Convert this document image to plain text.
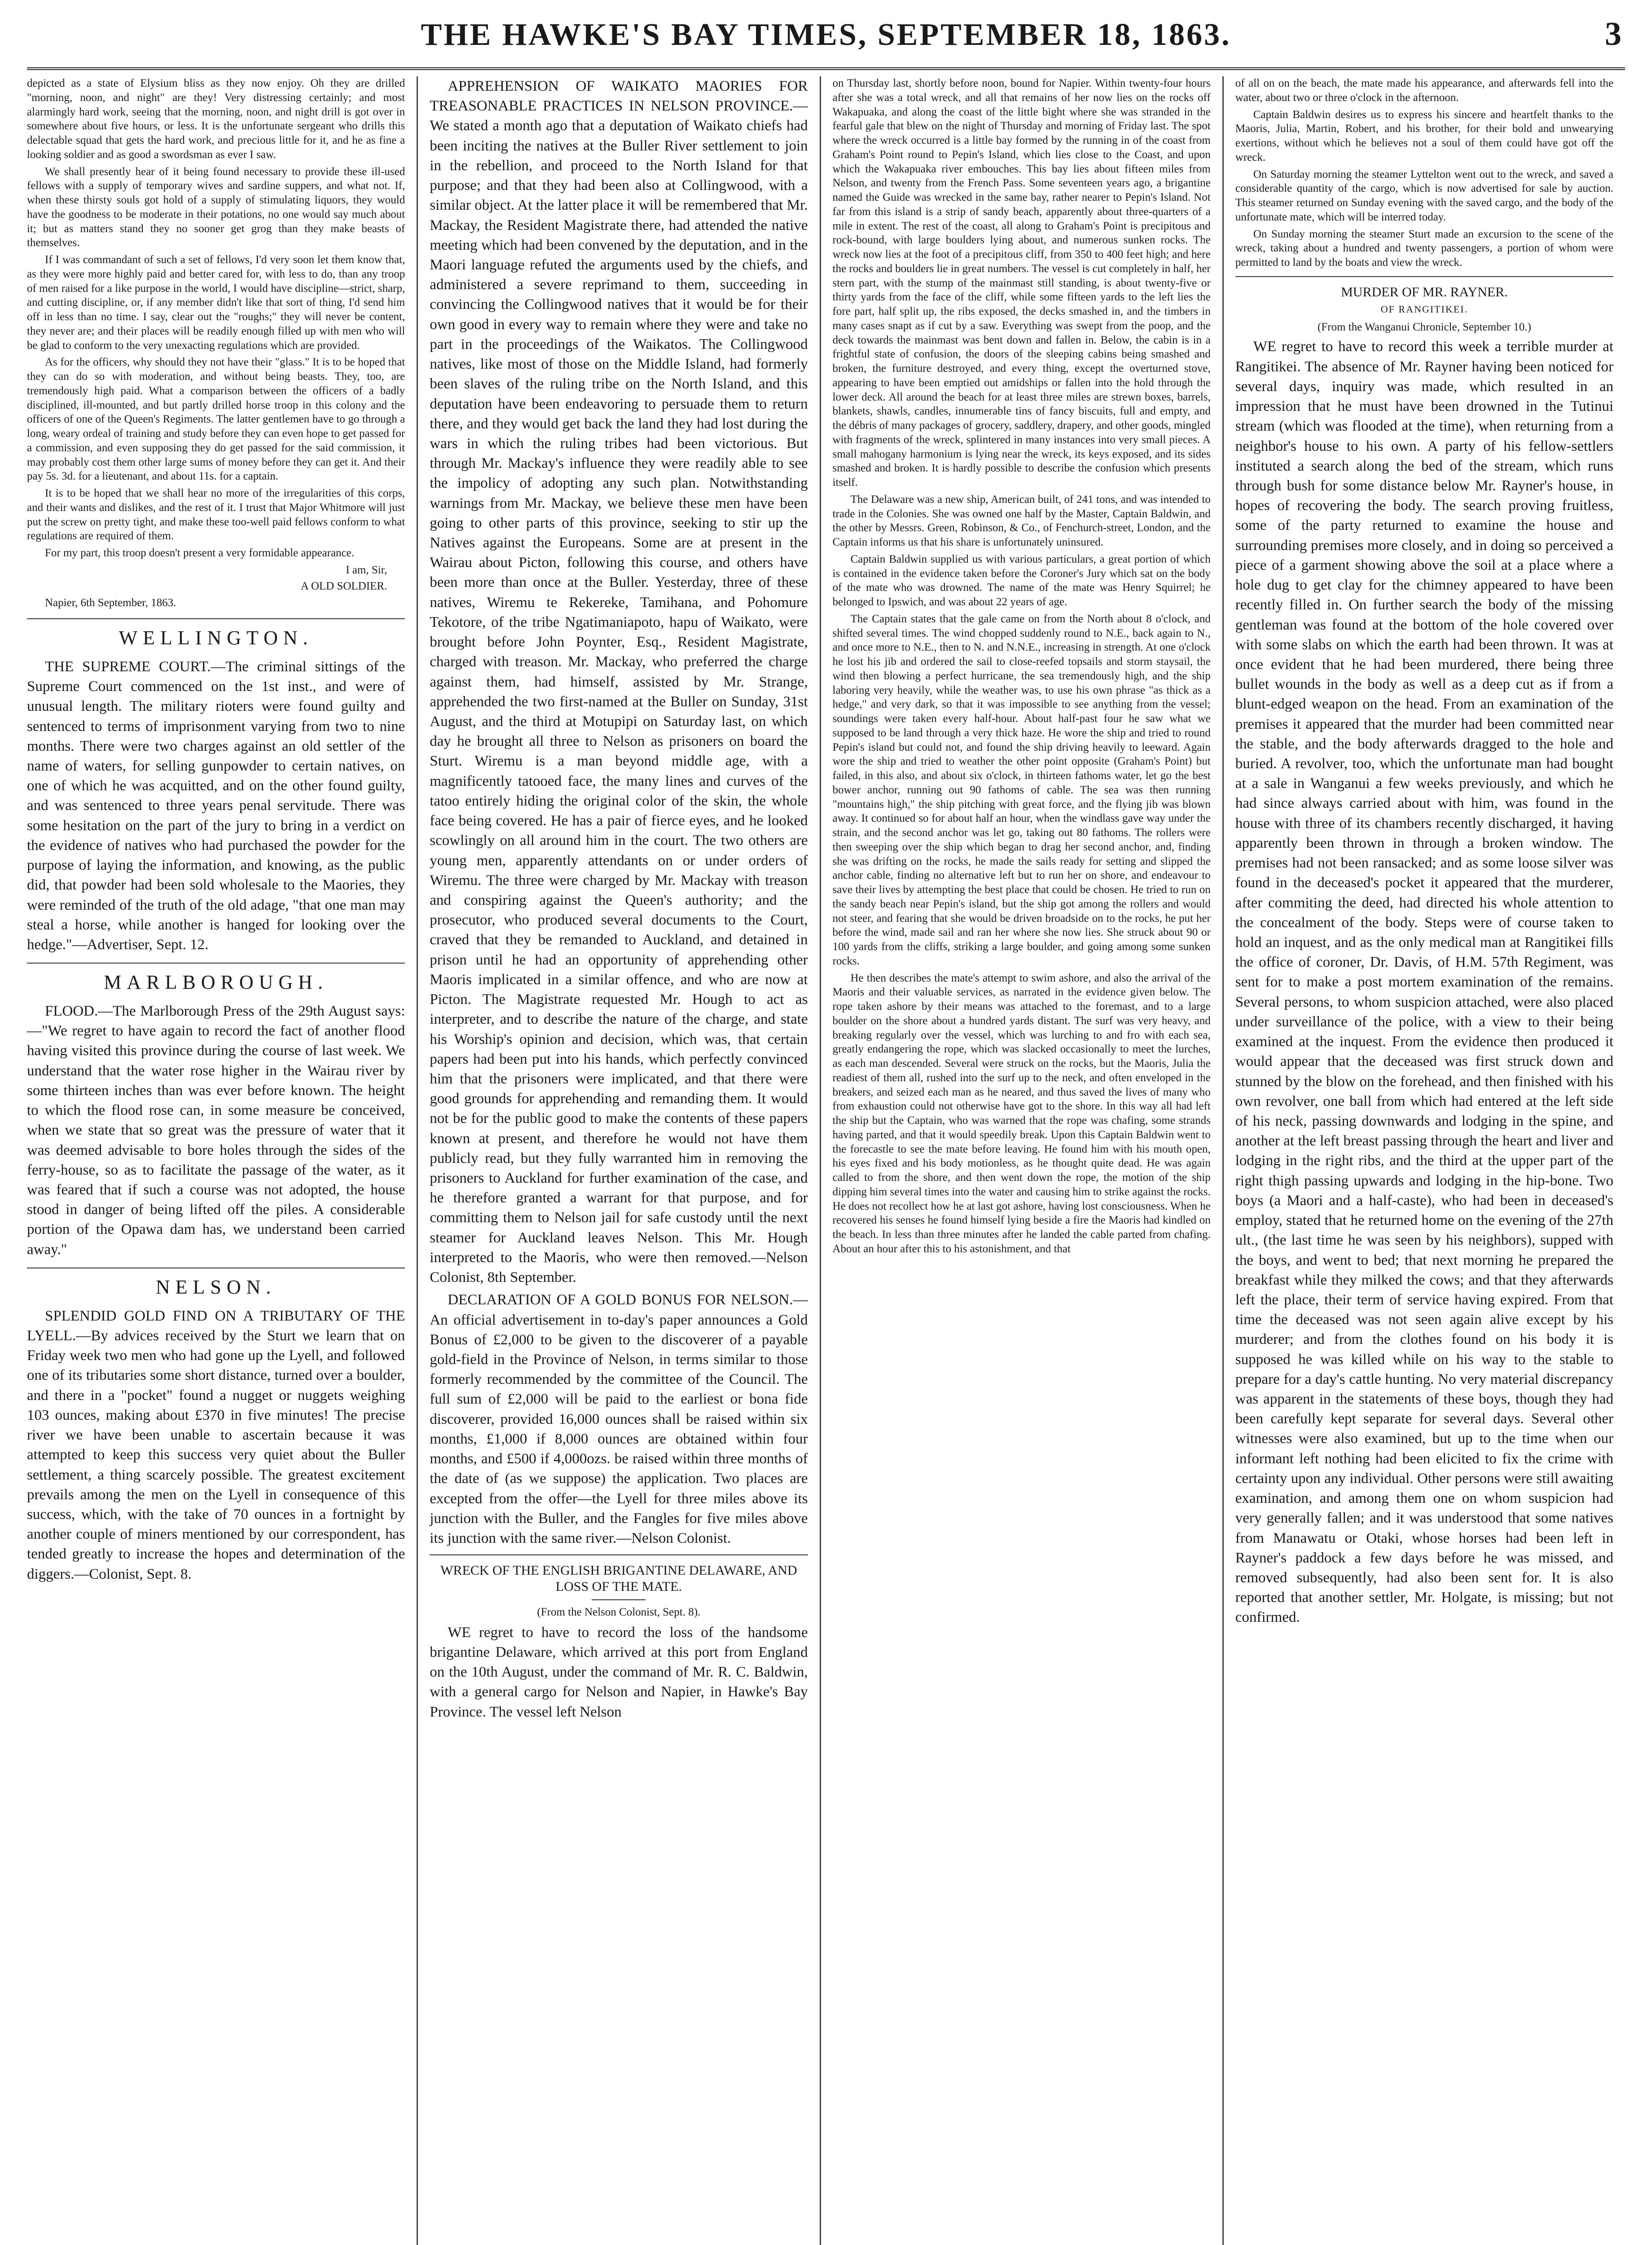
THE HAWKE'S BAY TIMES, SEPTEMBER 18, 1863.	3

depicted as a state of Elysium bliss as they now enjoy. Oh they are drilled "morning, noon, and night" are they! Very distressing certainly; and most alarmingly hard work, seeing that the morning, noon, and night drill is got over in somewhere about five hours, or less. It is the unfortunate sergeant who drills this delectable squad that gets the hard work, and precious little for it, and he as fine a looking soldier and as good a swordsman as ever I saw.

We shall presently hear of it being found necessary to provide these ill-used fellows with a supply of temporary wives and sardine suppers, and what not. If, when these thirsty souls got hold of a supply of stimulating liquors, they would have the goodness to be moderate in their potations, no one would say much about it; but as matters stand they no sooner get grog than they make beasts of themselves.

If I was commandant of such a set of fellows, I'd very soon let them know that, as they were more highly paid and better cared for, with less to do, than any troop of men raised for a like purpose in the world, I would have discipline—strict, sharp, and cutting discipline, or, if any member didn't like that sort of thing, I'd send him off in less than no time. I say, clear out the "roughs;" they will never be content, they never are; and their places will be readily enough filled up with men who will be glad to conform to the very unexacting regulations which are provided.

As for the officers, why should they not have their "glass." It is to be hoped that they can do so with moderation, and without being beasts. They, too, are tremendously high paid. What a comparison between the officers of a badly disciplined, ill-mounted, and but partly drilled horse troop in this colony and the officers of one of the Queen's Regiments. The latter gentlemen have to go through a long, weary ordeal of training and study before they can even hope to get passed for a commission, and even supposing they do get passed for the said commission, it may probably cost them other large sums of money before they can get it. And their pay 5s. 3d. for a lieutenant, and about 11s. for a captain.

It is to be hoped that we shall hear no more of the irregularities of this corps, and their wants and dislikes, and the rest of it. I trust that Major Whitmore will just put the screw on pretty tight, and make these too-well paid fellows conform to what regulations are required of them.

For my part, this troop doesn't present a very formidable appearance.

I am, Sir,
A OLD SOLDIER.
Napier, 6th September, 1863.
WELLINGTON.

THE SUPREME COURT.—The criminal sittings of the Supreme Court commenced on the 1st inst., and were of unusual length. The military rioters were found guilty and sentenced to terms of imprisonment varying from two to nine months. There were two charges against an old settler of the name of waters, for selling gunpowder to certain natives, on one of which he was acquitted, and on the other found guilty, and was sentenced to three years penal servitude. There was some hesitation on the part of the jury to bring in a verdict on the evidence of natives who had purchased the powder for the purpose of laying the information, and knowing, as the public did, that powder had been sold wholesale to the Maories, they were reminded of the truth of the old adage, "that one man may steal a horse, while another is hanged for looking over the hedge."—Advertiser, Sept. 12.

MARLBOROUGH.

FLOOD.—The Marlborough Press of the 29th August says:—"We regret to have again to record the fact of another flood having visited this province during the course of last week. We understand that the water rose higher in the Wairau river by some thirteen inches than was ever before known. The height to which the flood rose can, in some measure be conceived, when we state that so great was the pressure of water that it was deemed advisable to bore holes through the sides of the ferry-house, so as to facilitate the passage of the water, as it was feared that if such a course was not adopted, the house stood in danger of being lifted off the piles. A considerable portion of the Opawa dam has, we understand been carried away."

NELSON.

SPLENDID GOLD FIND ON A TRIBUTARY OF THE LYELL.—By advices received by the Sturt we learn that on Friday week two men who had gone up the Lyell, and followed one of its tributaries some short distance, turned over a boulder, and there in a "pocket" found a nugget or nuggets weighing 103 ounces, making about £370 in five minutes! The precise river we have been unable to ascertain because it was attempted to keep this success very quiet about the Buller settlement, a thing scarcely possible. The greatest excitement prevails among the men on the Lyell in consequence of this success, which, with the take of 70 ounces in a fortnight by another couple of miners mentioned by our correspondent, has tended greatly to increase the hopes and determination of the diggers.—Colonist, Sept. 8.

APPREHENSION OF WAIKATO MAORIES FOR TREASONABLE PRACTICES IN NELSON PROVINCE.—We stated a month ago that a deputation of Waikato chiefs had been inciting the natives at the Buller River settlement to join in the rebellion, and proceed to the North Island for that purpose; and that they had been also at Collingwood, with a similar object. At the latter place it will be remembered that Mr. Mackay, the Resident Magistrate there, had attended the native meeting which had been convened by the deputation, and in the Maori language refuted the arguments used by the chiefs, and administered a severe reprimand to them, succeeding in convincing the Collingwood natives that it would be for their own good in every way to remain where they were and take no part in the proceedings of the Waikatos. The Collingwood natives, like most of those on the Middle Island, had formerly been slaves of the ruling tribe on the North Island, and this deputation have been endeavoring to persuade them to return there, and they would get back the land they had lost during the wars in which the ruling tribes had been victorious. But through Mr. Mackay's influence they were readily able to see the impolicy of adopting any such plan. Notwithstanding warnings from Mr. Mackay, we believe these men have been going to other parts of this province, seeking to stir up the Natives against the Europeans. Some are at present in the Wairau about Picton, following this course, and others have been more than once at the Buller. Yesterday, three of these natives, Wiremu te Rekereke, Tamihana, and Pohomure Tekotore, of the tribe Ngatimaniapoto, hapu of Waikato, were brought before John Poynter, Esq., Resident Magistrate, charged with treason. Mr. Mackay, who preferred the charge against them, had himself, assisted by Mr. Strange, apprehended the two first-named at the Buller on Sunday, 31st August, and the third at Motupipi on Saturday last, on which day he brought all three to Nelson as prisoners on board the Sturt. Wiremu is a man beyond middle age, with a magnificently tatooed face, the many lines and curves of the tatoo entirely hiding the original color of the skin, the whole face being covered. He has a pair of fierce eyes, and he looked scowlingly on all around him in the court. The two others are young men, apparently attendants on or under orders of Wiremu. The three were charged by Mr. Mackay with treason and conspiring against the Queen's authority; and the prosecutor, who produced several documents to the Court, craved that they be remanded to Auckland, and detained in prison until he had an opportunity of apprehending other Maoris implicated in a similar offence, and who are now at Picton. The Magistrate requested Mr. Hough to act as interpreter, and to describe the nature of the charge, and state his Worship's opinion and decision, which was, that certain papers had been put into his hands, which perfectly convinced him that the prisoners were implicated, and that there were good grounds for apprehending and remanding them. It would not be for the public good to make the contents of these papers known at present, and therefore he would not have them publicly read, but they fully warranted him in removing the prisoners to Auckland for further examination of the case, and he therefore granted a warrant for that purpose, and for committing them to Nelson jail for safe custody until the next steamer for Auckland leaves Nelson. This Mr. Hough interpreted to the Maoris, who were then removed.—Nelson Colonist, 8th September.

DECLARATION OF A GOLD BONUS FOR NELSON.—An official advertisement in to-day's paper announces a Gold Bonus of £2,000 to be given to the discoverer of a payable gold-field in the Province of Nelson, in terms similar to those formerly recommended by the committee of the Council. The full sum of £2,000 will be paid to the earliest or bona fide discoverer, provided 16,000 ounces shall be raised within six months, £1,000 if 8,000 ounces are obtained within four months, and £500 if 4,000ozs. be raised within three months of the date of (as we suppose) the application. Two places are excepted from the offer—the Lyell for three miles above its junction with the Buller, and the Fangles for five miles above its junction with the same river.—Nelson Colonist.

WRECK OF THE ENGLISH BRIGANTINE DELAWARE, AND LOSS OF THE MATE.
(From the Nelson Colonist, Sept. 8).

WE regret to have to record the loss of the handsome brigantine Delaware, which arrived at this port from England on the 10th August, under the command of Mr. R. C. Baldwin, with a general cargo for Nelson and Napier, in Hawke's Bay Province. The vessel left Nelson

on Thursday last, shortly before noon, bound for Napier. Within twenty-four hours after she was a total wreck, and all that remains of her now lies on the rocks off Wakapuaka, and along the coast of the little bight where she was stranded in the fearful gale that blew on the night of Thursday and morning of Friday last. The spot where the wreck occurred is a little bay formed by the running in of the coast from Graham's Point round to Pepin's Island, which lies close to the Coast, and upon which the Wakapuaka river embouches. This bay lies about fifteen miles from Nelson, and twenty from the French Pass. Some seventeen years ago, a brigantine named the Guide was wrecked in the same bay, rather nearer to Pepin's Island. Not far from this island is a strip of sandy beach, apparently about three-quarters of a mile in extent. The rest of the coast, all along to Graham's Point is precipitous and rock-bound, with large boulders lying about, and numerous sunken rocks. The wreck now lies at the foot of a precipitous cliff, from 350 to 400 feet high; and here the rocks and boulders lie in great numbers. The vessel is cut completely in half, her stern part, with the stump of the mainmast still standing, is about twenty-five or thirty yards from the face of the cliff, while some fifteen yards to the left lies the fore part, half split up, the ribs exposed, the decks smashed in, and the timbers in many cases snapt as if cut by a saw. Everything was swept from the poop, and the deck towards the mainmast was bent down and fallen in. Below, the cabin is in a frightful state of confusion, the doors of the sleeping cabins being smashed and broken, the furniture destroyed, and every thing, except the overturned stove, appearing to have been emptied out amidships or fallen into the hold through the lower deck. All around the beach for at least three miles are strewn boxes, barrels, blankets, shawls, candles, innumerable tins of fancy biscuits, full and empty, and the débris of many packages of grocery, saddlery, drapery, and other goods, mingled with fragments of the wreck, splintered in many instances into very small pieces. A small mahogany harmonium is lying near the wreck, its keys exposed, and its sides smashed and broken. It is hardly possible to describe the confusion which presents itself.

The Delaware was a new ship, American built, of 241 tons, and was intended to trade in the Colonies. She was owned one half by the Master, Captain Baldwin, and the other by Messrs. Green, Robinson, & Co., of Fenchurch-street, London, and the Captain informs us that his share is unfortunately uninsured.

Captain Baldwin supplied us with various particulars, a great portion of which is contained in the evidence taken before the Coroner's Jury which sat on the body of the mate who was drowned. The name of the mate was Henry Squirrel; he belonged to Ipswich, and was about 22 years of age.

The Captain states that the gale came on from the North about 8 o'clock, and shifted several times. The wind chopped suddenly round to N.E., back again to N., and once more to N.E., then to N. and N.N.E., increasing in strength. At one o'clock he lost his jib and ordered the sail to close-reefed topsails and storm staysail, the wind then blowing a perfect hurricane, the sea tremendously high, and the ship laboring very heavily, while the weather was, to use his own phrase "as thick as a hedge," and very dark, so that it was impossible to see anything from the vessel; soundings were taken every half-hour. About half-past four he saw what we supposed to be land through a very thick haze. He wore the ship and tried to round Pepin's island but could not, and found the ship driving heavily to leeward. Again wore the ship and tried to weather the other point opposite (Graham's Point) but failed, in this also, and about six o'clock, in thirteen fathoms water, let go the best bower anchor, running out 90 fathoms of cable. The sea was then running "mountains high," the ship pitching with great force, and the flying jib was blown away. It continued so for about half an hour, when the windlass gave way under the strain, and the second anchor was let go, taking out 80 fathoms. The rollers were then sweeping over the ship which began to drag her second anchor, and, finding she was drifting on the rocks, he made the sails ready for setting and slipped the anchor cable, finding no alternative left but to run her on shore, and endeavour to save their lives by attempting the best place that could be chosen. He tried to run on the sandy beach near Pepin's island, but the ship got among the rollers and would not steer, and fearing that she would be driven broadside on to the rocks, he put her before the wind, made sail and ran her where she now lies. She struck about 90 or 100 yards from the cliffs, striking a large boulder, and going among some sunken rocks.

He then describes the mate's attempt to swim ashore, and also the arrival of the Maoris and their valuable services, as narrated in the evidence given below. The rope taken ashore by their means was attached to the foremast, and to a large boulder on the shore about a hundred yards distant. The surf was very heavy, and breaking regularly over the vessel, which was lurching to and fro with each sea, greatly endangering the rope, which was slacked occasionally to meet the lurches, as each man descended. Several were struck on the rocks, but the Maoris, Julia the readiest of them all, rushed into the surf up to the neck, and often enveloped in the breakers, and seized each man as he neared, and thus saved the lives of many who from exhaustion could not otherwise have got to the shore. In this way all had left the ship but the Captain, who was warned that the rope was chafing, some strands having parted, and that it would speedily break. Upon this Captain Baldwin went to the forecastle to see the mate before leaving. He found him with his mouth open, his eyes fixed and his body motionless, as he thought quite dead. He was again called to from the shore, and then went down the rope, the motion of the ship dipping him several times into the water and causing him to strike against the rocks. He does not recollect how he at last got ashore, having lost consciousness. When he recovered his senses he found himself lying beside a fire the Maoris had kindled on the beach. In less than three minutes after he landed the cable parted from chafing. About an hour after this to his astonishment, and that

of all on on the beach, the mate made his appearance, and afterwards fell into the water, about two or three o'clock in the afternoon.

Captain Baldwin desires us to express his sincere and heartfelt thanks to the Maoris, Julia, Martin, Robert, and his brother, for their bold and unwearying exertions, without which he believes not a soul of them could have got off the wreck.

On Saturday morning the steamer Lyttelton went out to the wreck, and saved a considerable quantity of the cargo, which is now advertised for sale by auction. This steamer returned on Sunday evening with the saved cargo, and the body of the unfortunate mate, which will be interred today.

On Sunday morning the steamer Sturt made an excursion to the scene of the wreck, taking about a hundred and twenty passengers, a portion of whom were permitted to land by the boats and view the wreck.

MURDER OF MR. RAYNER.
OF RANGITIKEI.
(From the Wanganui Chronicle, September 10.)

WE regret to have to record this week a terrible murder at Rangitikei. The absence of Mr. Rayner having been noticed for several days, inquiry was made, which resulted in an impression that he must have been drowned in the Tutinui stream (which was flooded at the time), when returning from a neighbor's house to his own. A party of his fellow-settlers instituted a search along the bed of the stream, which runs through bush for some distance below Mr. Rayner's house, in hopes of recovering the body. The search proving fruitless, some of the party returned to examine the house and surrounding premises more closely, and in doing so perceived a piece of a garment showing above the soil at a place where a hole dug to get clay for the chimney appeared to have been recently filled in. On further search the body of the missing gentleman was found at the bottom of the hole covered over with some slabs on which the earth had been thrown. It was at once evident that he had been murdered, there being three bullet wounds in the body as well as a deep cut as if from a blunt-edged weapon on the head. From an examination of the premises it appeared that the murder had been committed near the stable, and the body afterwards dragged to the hole and buried. A revolver, too, which the unfortunate man had bought at a sale in Wanganui a few weeks previously, and which he had since always carried about with him, was found in the house with three of its chambers recently discharged, it having apparently been thrown in through a broken window. The premises had not been ransacked; and as some loose silver was found in the deceased's pocket it appeared that the murderer, after commiting the deed, had directed his whole attention to the concealment of the body. Steps were of course taken to hold an inquest, and as the only medical man at Rangitikei fills the office of coroner, Dr. Davis, of H.M. 57th Regiment, was sent for to make a post mortem examination of the remains. Several persons, to whom suspicion attached, were also placed under surveillance of the police, with a view to their being examined at the inquest. From the evidence then produced it would appear that the deceased was first struck down and stunned by the blow on the forehead, and then finished with his own revolver, one ball from which had entered at the left side of his neck, passing downwards and lodging in the spine, and another at the left breast passing through the heart and liver and lodging in the right ribs, and the third at the upper part of the right thigh passing upwards and lodging in the hip-bone. Two boys (a Maori and a half-caste), who had been in deceased's employ, stated that he returned home on the evening of the 27th ult., (the last time he was seen by his neighbors), supped with the boys, and went to bed; that next morning he prepared the breakfast while they milked the cows; and that they afterwards left the place, their term of service having expired. From that time the deceased was not seen again alive except by his murderer; and from the clothes found on his body it is supposed he was killed while on his way to the stable to prepare for a day's cattle hunting. No very material discrepancy was apparent in the statements of these boys, though they had been carefully kept separate for several days. Several other witnesses were also examined, but up to the time when our informant left nothing had been elicited to fix the crime with certainty upon any individual. Other persons were still awaiting examination, and among them one on whom suspicion had very generally fallen; and it was understood that some natives from Manawatu or Otaki, whose horses had been left in Rayner's paddock a few days before he was missed, and removed subsequently, had also been sent for. It is also reported that another settler, Mr. Holgate, is missing; but not confirmed.
